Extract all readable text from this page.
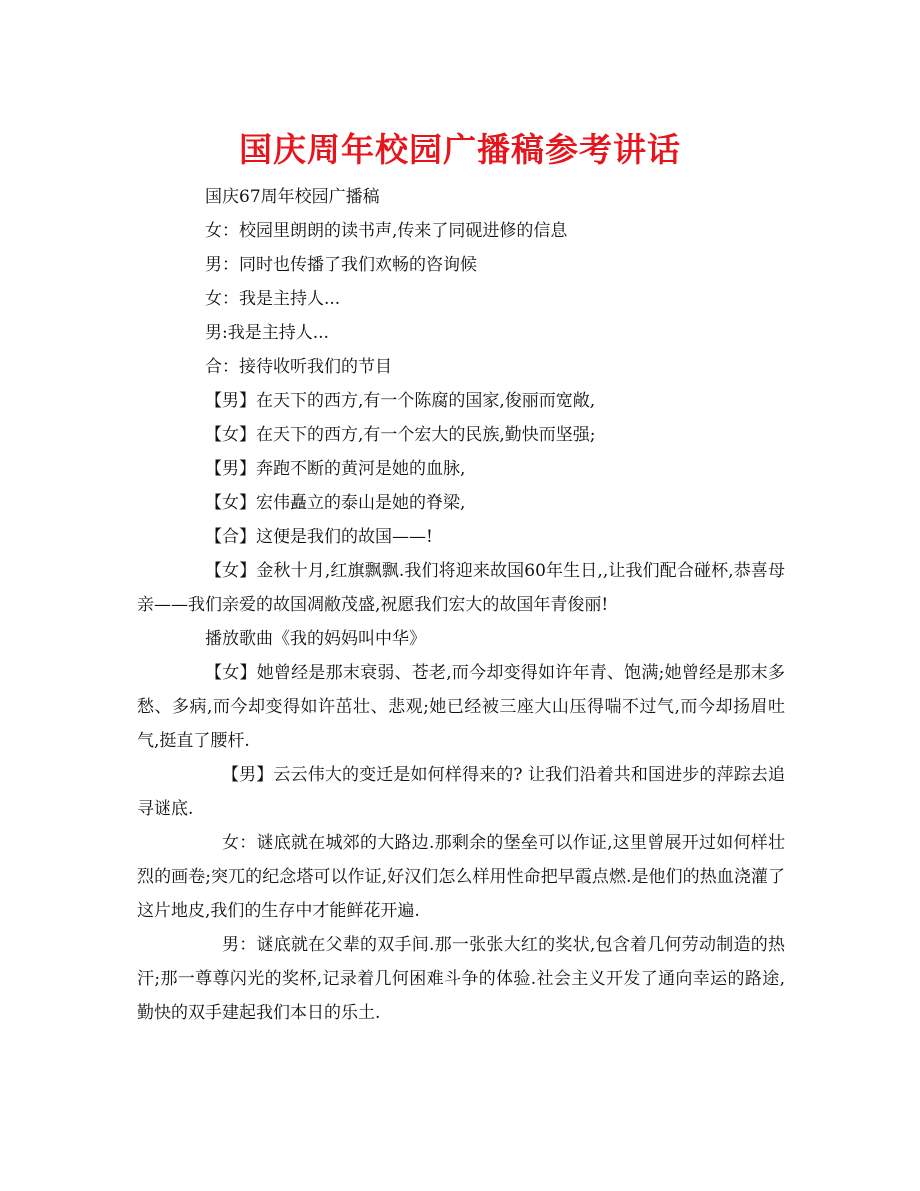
国庆周年校园广播稿参考讲话

国庆67周年校园广播稿

女：校园里朗朗的读书声,传来了同砚进修的信息

男：同时也传播了我们欢畅的咨询候

女：我是主持人...

男:我是主持人...

合：接待收听我们的节目

【男】在天下的西方,有一个陈腐的国家,俊丽而宽敞,

【女】在天下的西方,有一个宏大的民族,勤快而坚强;

【男】奔跑不断的黄河是她的血脉,

【女】宏伟矗立的泰山是她的脊梁,

【合】这便是我们的故国——!

【女】金秋十月,红旗飘飘.我们将迎来故国60年生日,,让我们配合碰杯,恭喜母亲——我们亲爱的故国凋敝茂盛,祝愿我们宏大的故国年青俊丽!

播放歌曲《我的妈妈叫中华》

【女】她曾经是那末衰弱、苍老,而今却变得如许年青、饱满;她曾经是那末多愁、多病,而今却变得如许茁壮、悲观;她已经被三座大山压得喘不过气,而今却扬眉吐气,挺直了腰杆.

【男】云云伟大的变迁是如何样得来的? 让我们沿着共和国进步的萍踪去追寻谜底.

女：谜底就在城郊的大路边.那剩余的堡垒可以作证,这里曾展开过如何样壮烈的画卷;突兀的纪念塔可以作证,好汉们怎么样用性命把早霞点燃.是他们的热血浇灌了这片地皮,我们的生存中才能鲜花开遍.

男：谜底就在父辈的双手间.那一张张大红的奖状,包含着几何劳动制造的热汗;那一尊尊闪光的奖杯,记录着几何困难斗争的体验.社会主义开发了通向幸运的路途,勤快的双手建起我们本日的乐土.
